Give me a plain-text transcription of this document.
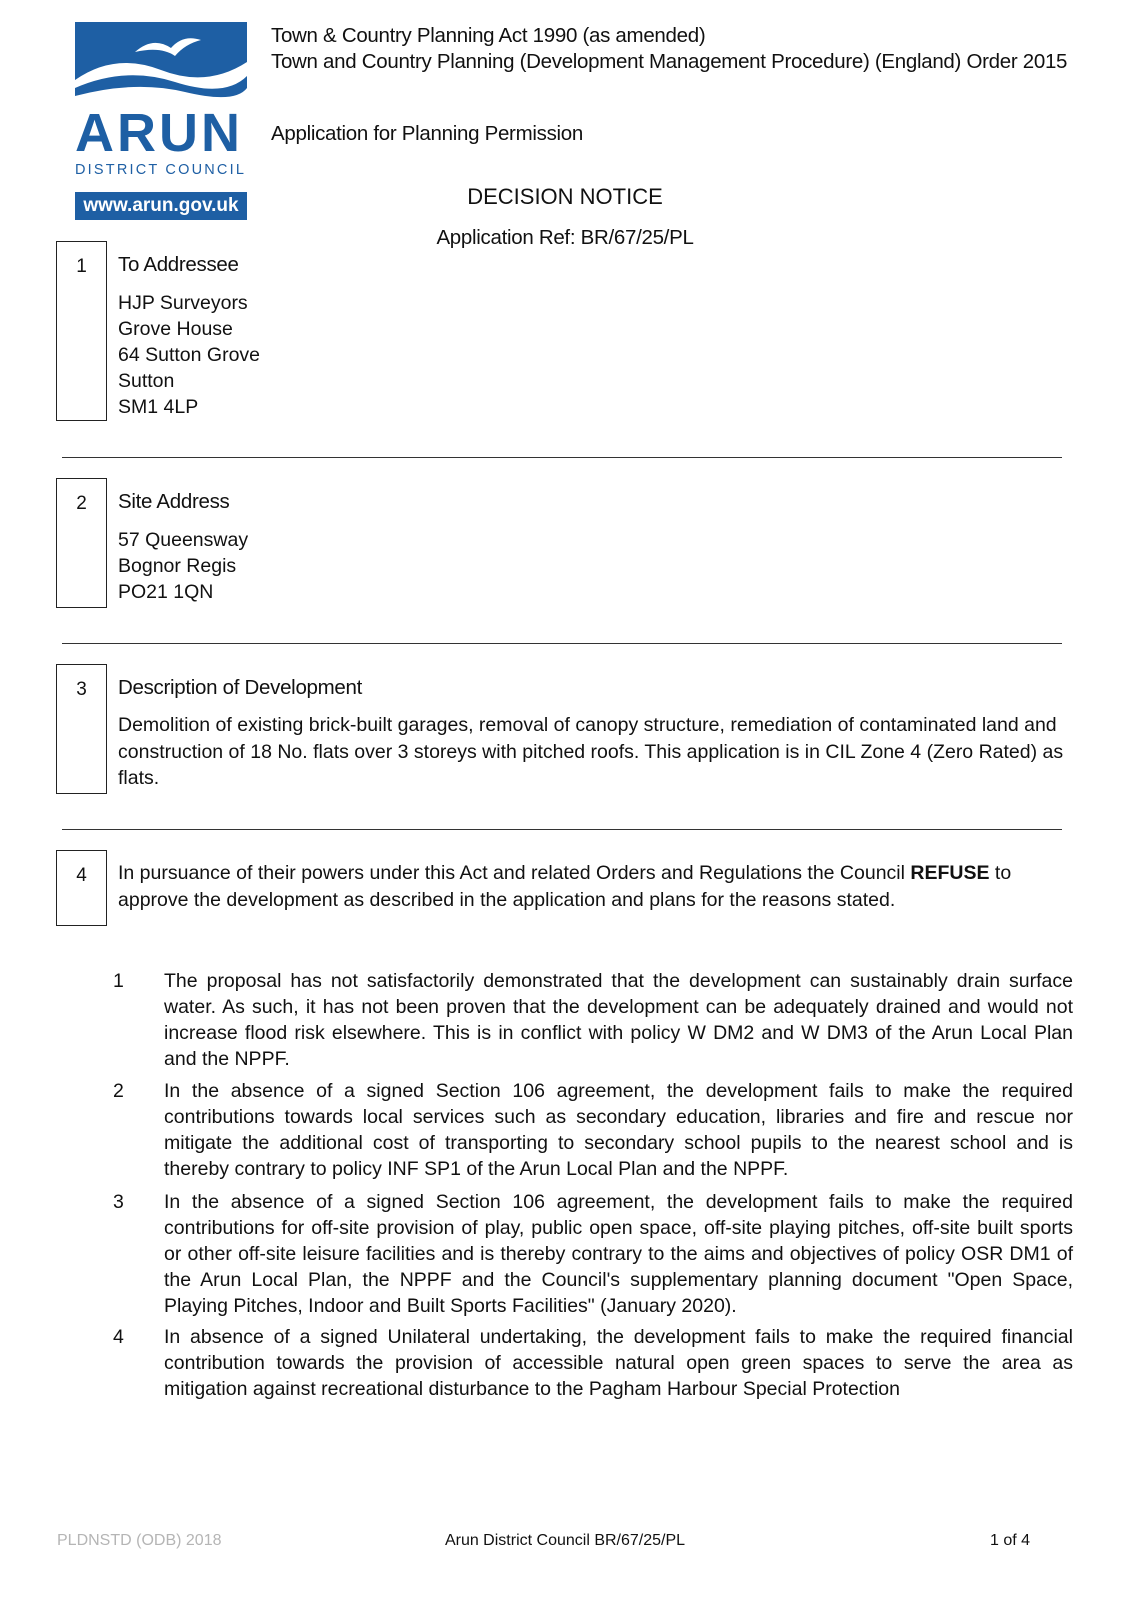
ARUN
DISTRICT COUNCIL
www.arun.gov.uk
Town & Country Planning Act 1990 (as amended)
Town and Country Planning (Development Management Procedure) (England) Order 2015
Application for Planning Permission
DECISION NOTICE
Application Ref: BR/67/25/PL
1	To Addressee
HJP Surveyors
Grove House
64 Sutton Grove
Sutton
SM1 4LP
2	Site Address
57 Queensway
Bognor Regis
PO21 1QN
3	Description of Development
Demolition of existing brick-built garages, removal of canopy structure, remediation of contaminated land and construction of 18 No. flats over 3 storeys with pitched roofs. This application is in CIL Zone 4 (Zero Rated) as flats.
4	In pursuance of their powers under this Act and related Orders and Regulations the Council REFUSE to approve the development as described in the application and plans for the reasons stated.
1	The proposal has not satisfactorily demonstrated that the development can sustainably drain surface water. As such, it has not been proven that the development can be adequately drained and would not increase flood risk elsewhere. This is in conflict with policy W DM2 and W DM3 of the Arun Local Plan and the NPPF.
2	In the absence of a signed Section 106 agreement, the development fails to make the required contributions towards local services such as secondary education, libraries and fire and rescue nor mitigate the additional cost of transporting to secondary school pupils to the nearest school and is thereby contrary to policy INF SP1 of the Arun Local Plan and the NPPF.
3	In the absence of a signed Section 106 agreement, the development fails to make the required contributions for off-site provision of play, public open space, off-site playing pitches, off-site built sports or other off-site leisure facilities and is thereby contrary to the aims and objectives of policy OSR DM1 of the Arun Local Plan, the NPPF and the Council's supplementary planning document "Open Space, Playing Pitches, Indoor and Built Sports Facilities" (January 2020).
4	In absence of a signed Unilateral undertaking, the development fails to make the required financial contribution towards the provision of accessible natural open green spaces to serve the area as mitigation against recreational disturbance to the Pagham Harbour Special Protection
PLDNSTD (ODB) 2018	Arun District Council BR/67/25/PL	1 of 4
